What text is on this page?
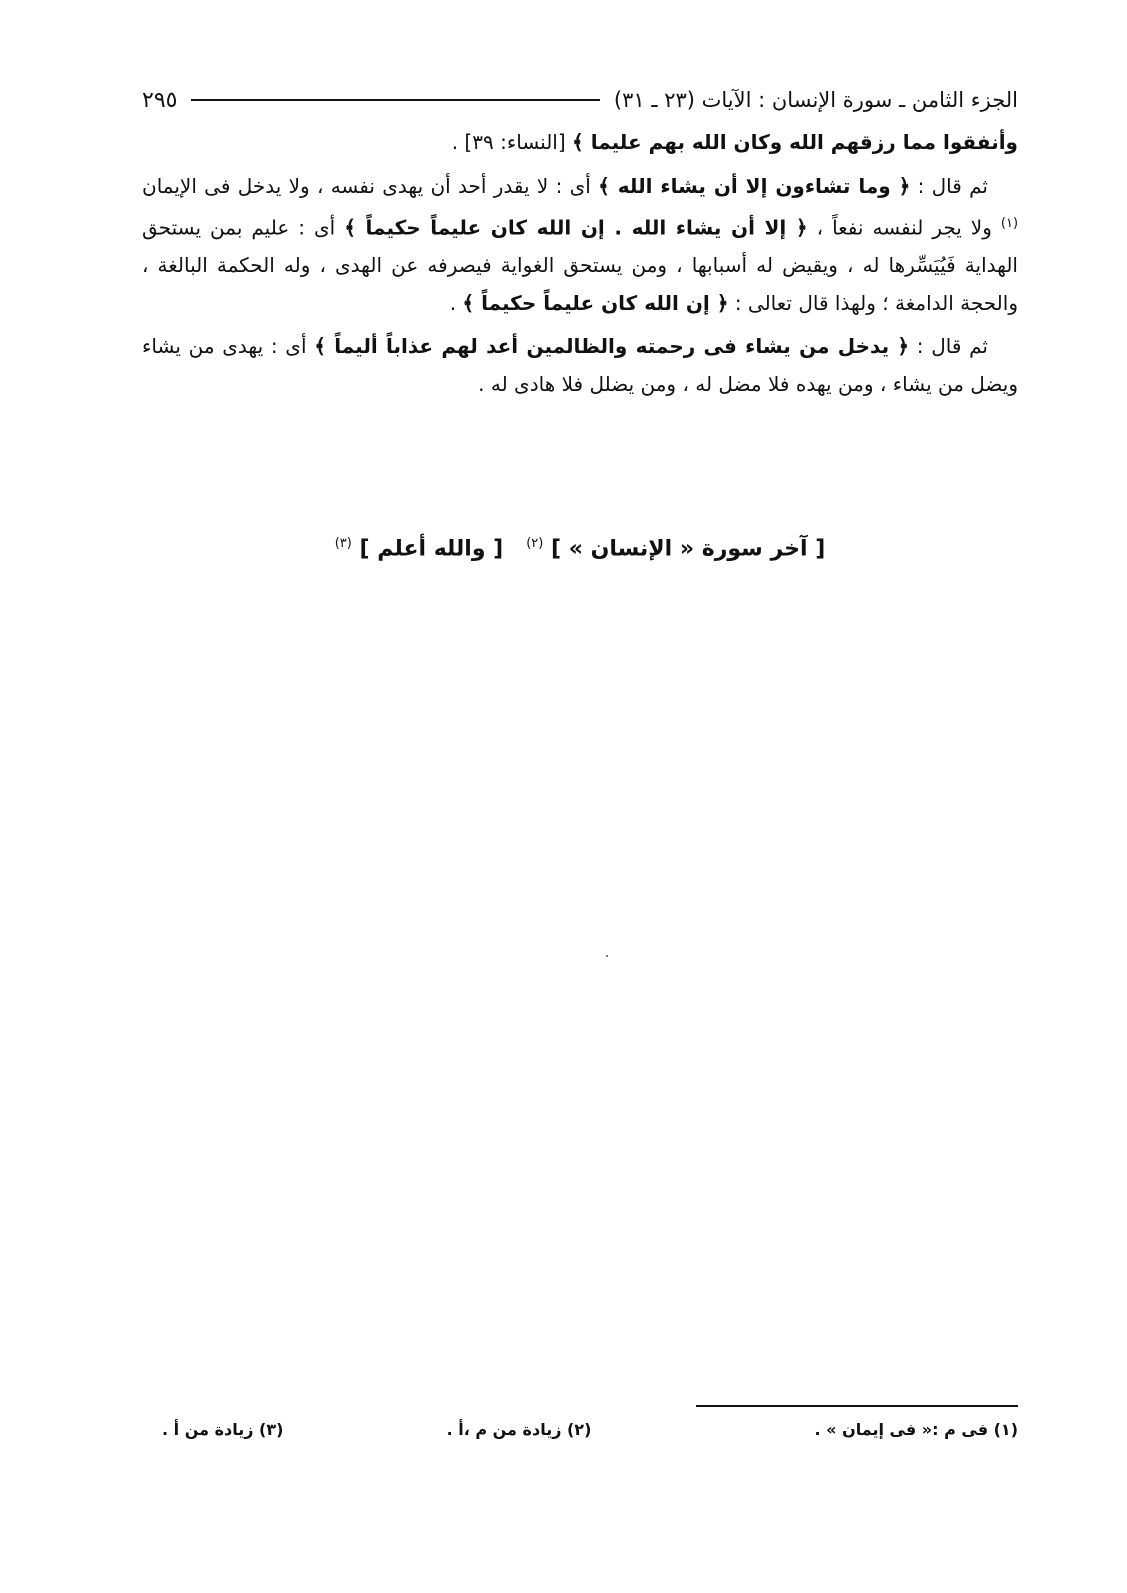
الجزء الثامن ـ سورة الإنسان : الآيات (٢٣ ـ ٣١)
٢٩٥

وأنفقوا مما رزقهم الله وكان الله بهم عليما ﴾ [النساء: ٣٩] .

ثم قال : ﴿ وما تشاءون إلا أن يشاء الله ﴾ أى : لا يقدر أحد أن يهدى نفسه ، ولا يدخل فى الإيمان $^{(١)}$ ولا يجر لنفسه نفعاً ، ﴿ إلا أن يشاء الله . إن الله كان عليماً حكيماً ﴾ أى : عليم بمن يستحق الهداية فَيُيَسِّرها له ، ويقيض له أسبابها ، ومن يستحق الغواية فيصرفه عن الهدى ، وله الحكمة البالغة ، والحجة الدامغة ؛ ولهذا قال تعالى : ﴿ إن الله كان عليماً حكيماً ﴾ .

ثم قال : ﴿ يدخل من يشاء فى رحمته والظالمين أعد لهم عذاباً أليماً ﴾ أى : يهدى من يشاء ويضل من يشاء ، ومن يهده فلا مضل له ، ومن يضلل فلا هادى له .

[ آخر سورة « الإنسان » ] $^{(٢)}$   [ والله أعلم ] $^{(٣)}$
(١) فى م :« فى إيمان » .
(٢) زيادة من م ،أ .
(٣) زيادة من أ .
